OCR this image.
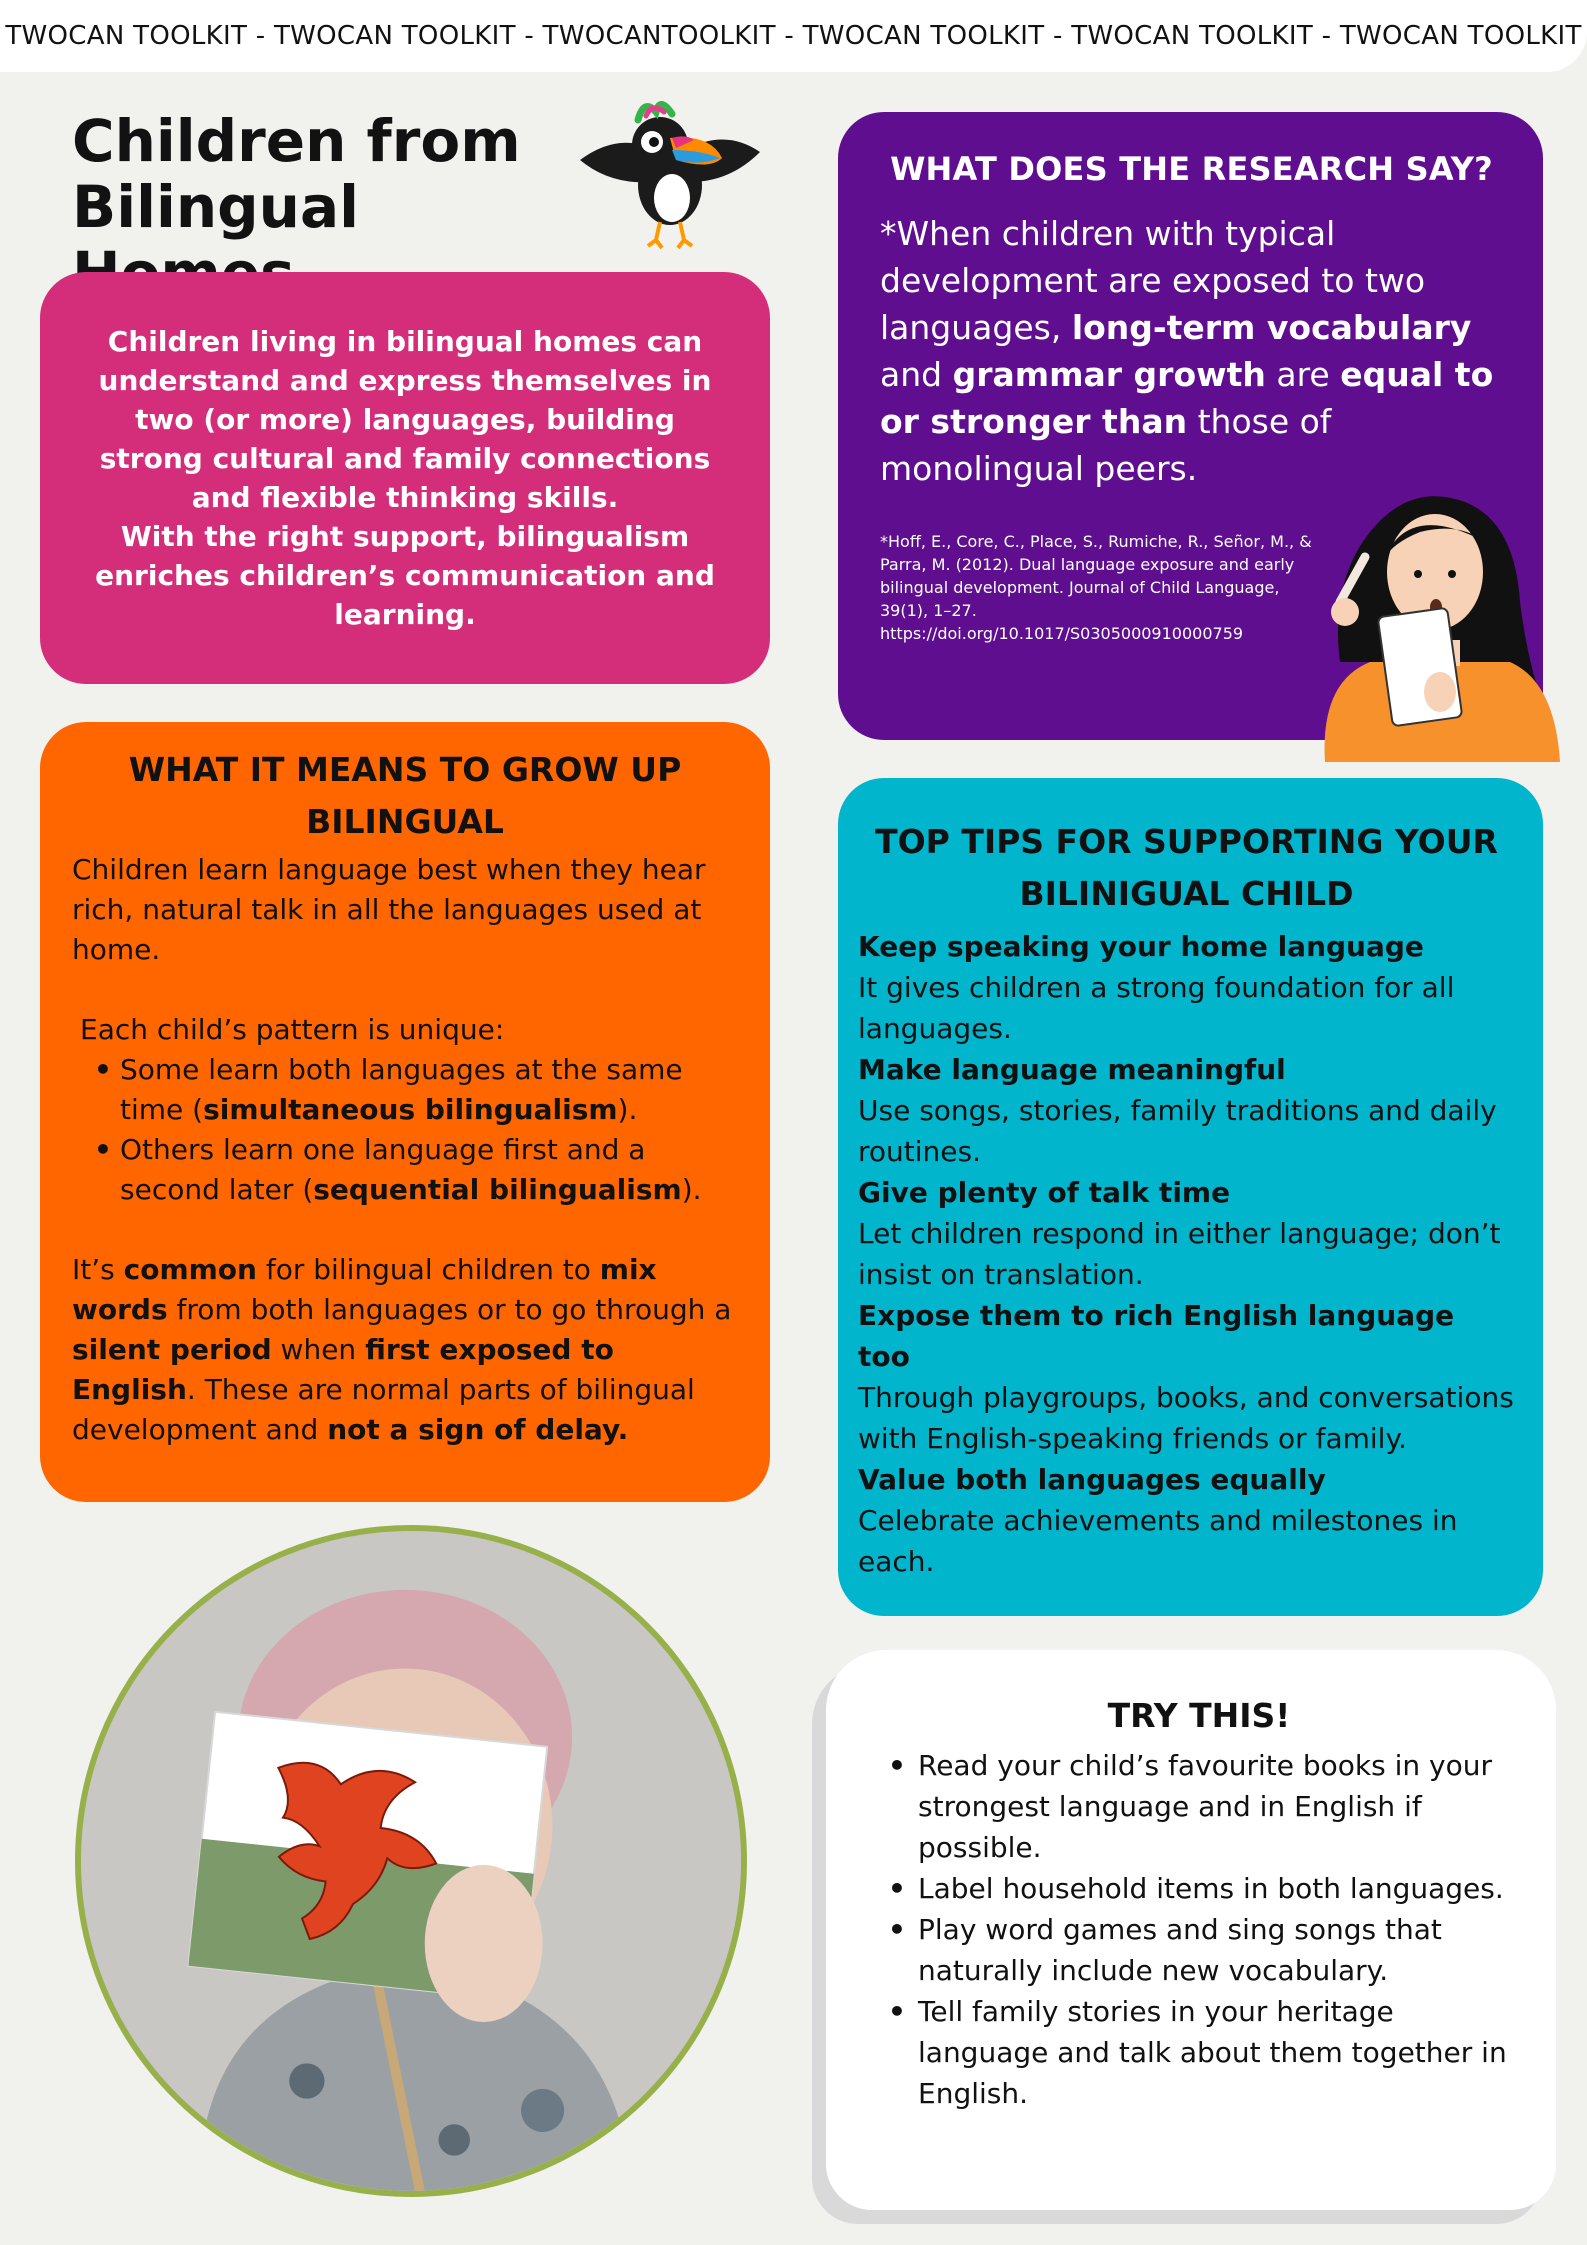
TWOCAN TOOLKIT - TWOCAN TOOLKIT - TWOCANTOOLKIT - TWOCAN TOOLKIT - TWOCAN TOOLKIT - TWOCAN TOOLKIT
Children from
Bilingual

Children living in bilingual homes can understand and express themselves in two (or more) languages, building strong cultural and family connections and flexible thinking skills.

With the right support, bilingualism enriches children’s communication and learning.

WHAT DOES THE RESEARCH SAY?

*When children with typical development are exposed to two languages, long-term vocabulary and grammar growth are equal to or stronger than those of monolingual peers.

*Hoff, E., Core, C., Place, S., Rumiche, R., Señor, M., & Parra, M. (2012). Dual language exposure and early bilingual development. Journal of Child Language, 39(1), 1–27. https://doi.org/10.1017/S0305000910000759

WHAT IT MEANS TO GROW UP BILINGUAL

Children learn language best when they hear rich, natural talk in all the languages used at home.

Each child’s pattern is unique:

• Some learn both languages at the same time (simultaneous bilingualism).
• Others learn one language first and a second later (sequential bilingualism).

It’s common for bilingual children to mix words from both languages or to go through a silent period when first exposed to English. These are normal parts of bilingual development and not a sign of delay.

TOP TIPS FOR SUPPORTING YOUR BILINIGUAL CHILD
Keep speaking your home language
It gives children a strong foundation for all languages.
Make language meaningful
Use songs, stories, family traditions and daily routines.
Give plenty of talk time
Let children respond in either language; don’t insist on translation.
Expose them to rich English language too
Through playgroups, books, and conversations with English-speaking friends or family.
Value both languages equally
Celebrate achievements and milestones in each.
TRY THIS!
• Read your child’s favourite books in your strongest language and in English if possible.
• Label household items in both languages.
• Play word games and sing songs that naturally include new vocabulary.
• Tell family stories in your heritage language and talk about them together in English.
